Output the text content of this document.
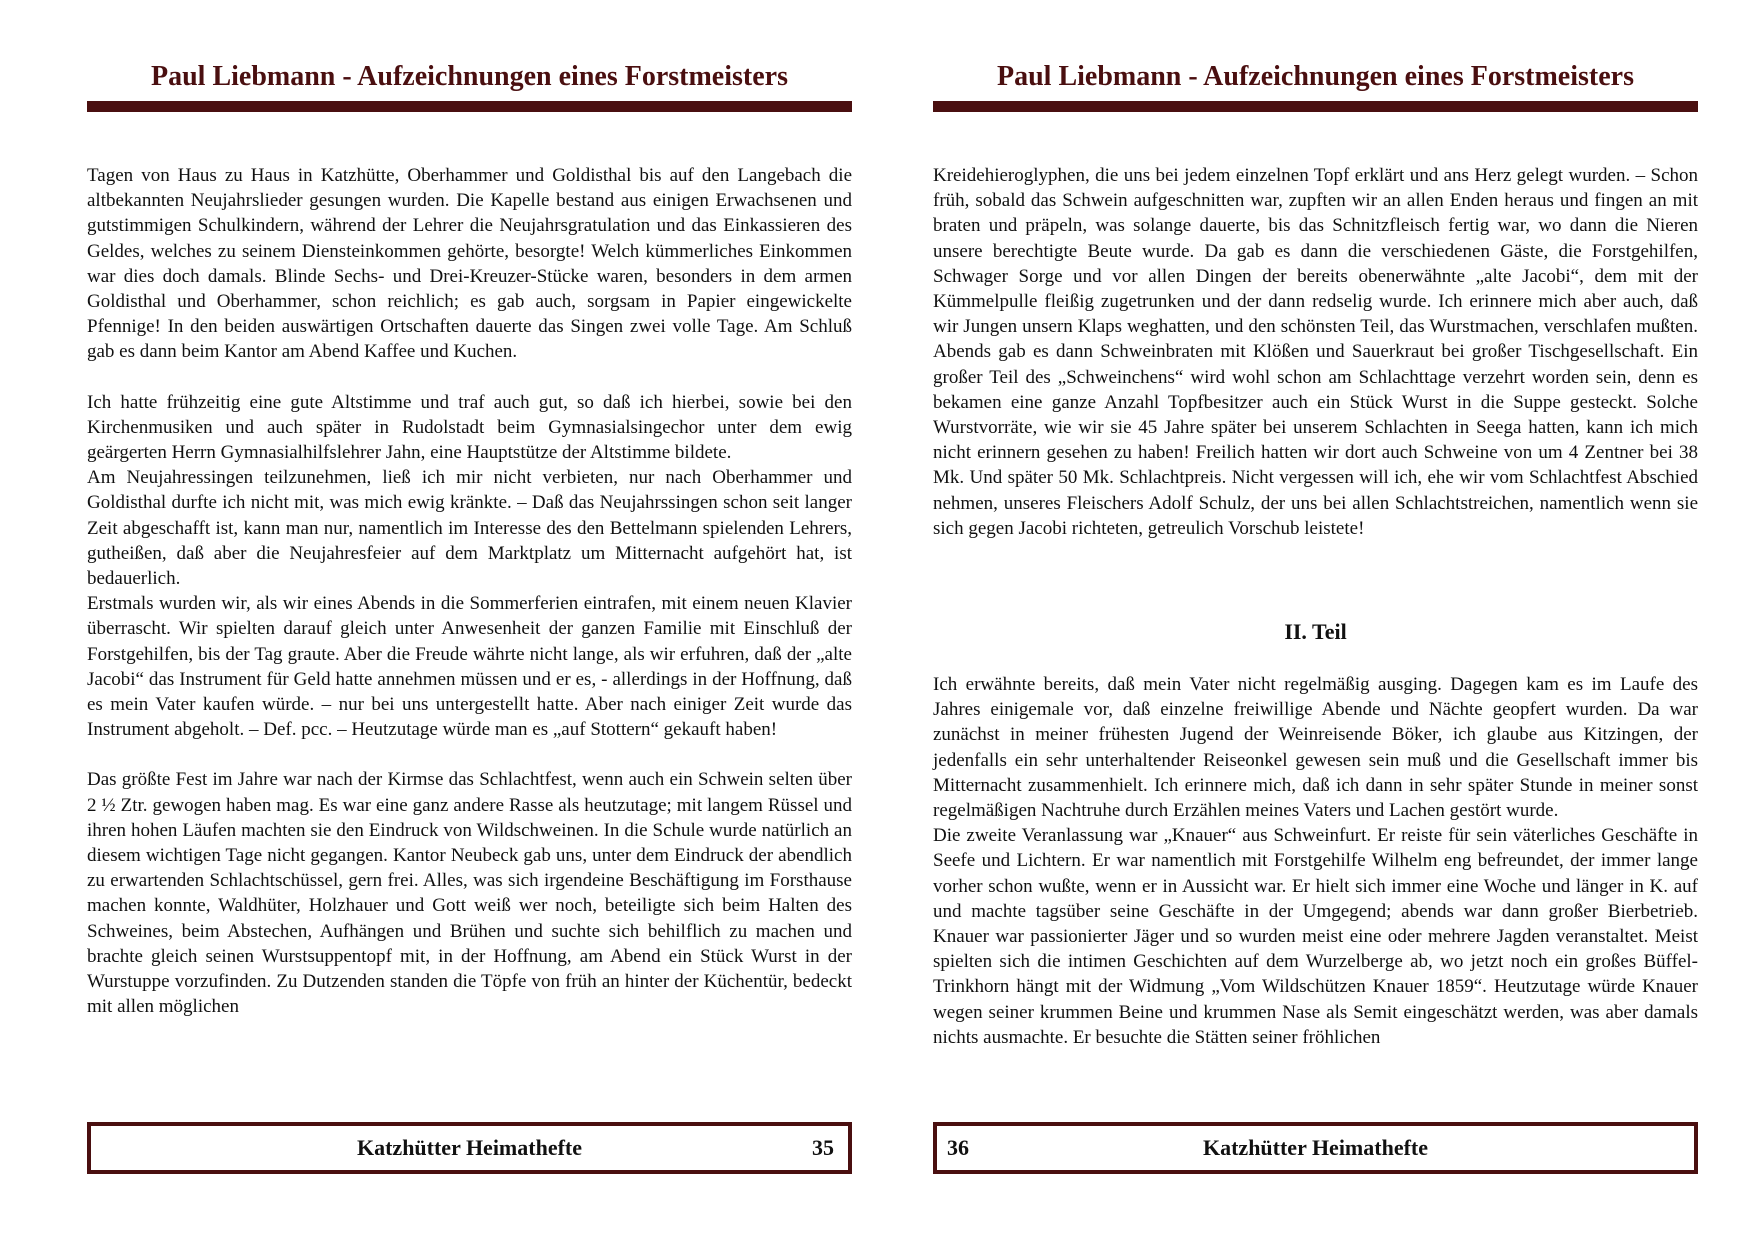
Paul Liebmann - Aufzeichnungen eines Forstmeisters

Tagen von Haus zu Haus in Katzhütte, Oberhammer und Goldisthal bis auf den Langebach die altbekannten Neujahrslieder gesungen wurden. Die Kapelle bestand aus einigen Erwachsenen und gutstimmigen Schulkindern, während der Lehrer die Neujahrsgratulation und das Einkassieren des Geldes, welches zu seinem Diensteinkommen gehörte, besorgte! Welch kümmerliches Einkommen war dies doch damals. Blinde Sechs- und Drei-Kreuzer-Stücke waren, besonders in dem armen Goldisthal und Oberhammer, schon reichlich; es gab auch, sorgsam in Papier eingewickelte Pfennige! In den beiden auswärtigen Ortschaften dauerte das Singen zwei volle Tage. Am Schluß gab es dann beim Kantor am Abend Kaffee und Kuchen.

Ich hatte frühzeitig eine gute Altstimme und traf auch gut, so daß ich hierbei, sowie bei den Kirchenmusiken und auch später in Rudolstadt beim Gymnasialsingechor unter dem ewig geärgerten Herrn Gymnasialhilfslehrer Jahn, eine Hauptstütze der Altstimme bildete.

Am Neujahressingen teilzunehmen, ließ ich mir nicht verbieten, nur nach Oberhammer und Goldisthal durfte ich nicht mit, was mich ewig kränkte. – Daß das Neujahrssingen schon seit langer Zeit abgeschafft ist, kann man nur, namentlich im Interesse des den Bettelmann spielenden Lehrers, gutheißen, daß aber die Neujahresfeier auf dem Marktplatz um Mitternacht aufgehört hat, ist bedauerlich.

Erstmals wurden wir, als wir eines Abends in die Sommerferien eintrafen, mit einem neuen Klavier überrascht. Wir spielten darauf gleich unter Anwesenheit der ganzen Familie mit Einschluß der Forstgehilfen, bis der Tag graute. Aber die Freude währte nicht lange, als wir erfuhren, daß der „alte Jacobi“ das Instrument für Geld hatte annehmen müssen und er es, - allerdings in der Hoffnung, daß es mein Vater kaufen würde. – nur bei uns untergestellt hatte. Aber nach einiger Zeit wurde das Instrument abgeholt. – Def. pcc. – Heutzutage würde man es „auf Stottern“ gekauft haben!

Das größte Fest im Jahre war nach der Kirmse das Schlachtfest, wenn auch ein Schwein selten über 2 ½ Ztr. gewogen haben mag. Es war eine ganz andere Rasse als heutzutage; mit langem Rüssel und ihren hohen Läufen machten sie den Eindruck von Wildschweinen. In die Schule wurde natürlich an diesem wichtigen Tage nicht gegangen. Kantor Neubeck gab uns, unter dem Eindruck der abendlich zu erwartenden Schlachtschüssel, gern frei. Alles, was sich irgendeine Beschäftigung im Forsthause machen konnte, Waldhüter, Holzhauer und Gott weiß wer noch, beteiligte sich beim Halten des Schweines, beim Abstechen, Aufhängen und Brühen und suchte sich behilflich zu machen und brachte gleich seinen Wurstsuppentopf mit, in der Hoffnung, am Abend ein Stück Wurst in der Wurstuppe vorzufinden. Zu Dutzenden standen die Töpfe von früh an hinter der Küchentür, bedeckt mit allen möglichen

Katzhütter Heimathefte	35
Paul Liebmann - Aufzeichnungen eines Forstmeisters

Kreidehieroglyphen, die uns bei jedem einzelnen Topf erklärt und ans Herz gelegt wurden. – Schon früh, sobald das Schwein aufgeschnitten war, zupften wir an allen Enden heraus und fingen an mit braten und präpeln, was solange dauerte, bis das Schnitzfleisch fertig war, wo dann die Nieren unsere berechtigte Beute wurde. Da gab es dann die verschiedenen Gäste, die Forstgehilfen, Schwager Sorge und vor allen Dingen der bereits obenerwähnte „alte Jacobi“, dem mit der Kümmelpulle fleißig zugetrunken und der dann redselig wurde. Ich erinnere mich aber auch, daß wir Jungen unsern Klaps weghatten, und den schönsten Teil, das Wurstmachen, verschlafen mußten. Abends gab es dann Schweinbraten mit Klößen und Sauerkraut bei großer Tischgesellschaft. Ein großer Teil des „Schweinchens“ wird wohl schon am Schlachttage verzehrt worden sein, denn es bekamen eine ganze Anzahl Topfbesitzer auch ein Stück Wurst in die Suppe gesteckt. Solche Wurstvorräte, wie wir sie 45 Jahre später bei unserem Schlachten in Seega hatten, kann ich mich nicht erinnern gesehen zu haben! Freilich hatten wir dort auch Schweine von um 4 Zentner bei 38 Mk. Und später 50 Mk. Schlachtpreis. Nicht vergessen will ich, ehe wir vom Schlachtfest Abschied nehmen, unseres Fleischers Adolf Schulz, der uns bei allen Schlachtstreichen, namentlich wenn sie sich gegen Jacobi richteten, getreulich Vorschub leistete!

II. Teil

Ich erwähnte bereits, daß mein Vater nicht regelmäßig ausging. Dagegen kam es im Laufe des Jahres einigemale vor, daß einzelne freiwillige Abende und Nächte geopfert wurden. Da war zunächst in meiner frühesten Jugend der Weinreisende Böker, ich glaube aus Kitzingen, der jedenfalls ein sehr unterhaltender Reiseonkel gewesen sein muß und die Gesellschaft immer bis Mitternacht zusammenhielt. Ich erinnere mich, daß ich dann in sehr später Stunde in meiner sonst regelmäßigen Nachtruhe durch Erzählen meines Vaters und Lachen gestört wurde.

Die zweite Veranlassung war „Knauer“ aus Schweinfurt. Er reiste für sein väterliches Geschäfte in Seefe und Lichtern. Er war namentlich mit Forstgehilfe Wilhelm eng befreundet, der immer lange vorher schon wußte, wenn er in Aussicht war. Er hielt sich immer eine Woche und länger in K. auf und machte tagsüber seine Geschäfte in der Umgegend; abends war dann großer Bierbetrieb. Knauer war passionierter Jäger und so wurden meist eine oder mehrere Jagden veranstaltet. Meist spielten sich die intimen Geschichten auf dem Wurzelberge ab, wo jetzt noch ein großes Büffel-Trinkhorn hängt mit der Widmung „Vom Wildschützen Knauer 1859“. Heutzutage würde Knauer wegen seiner krummen Beine und krummen Nase als Semit eingeschätzt werden, was aber damals nichts ausmachte. Er besuchte die Stätten seiner fröhlichen

Katzhütter Heimathefte
36
